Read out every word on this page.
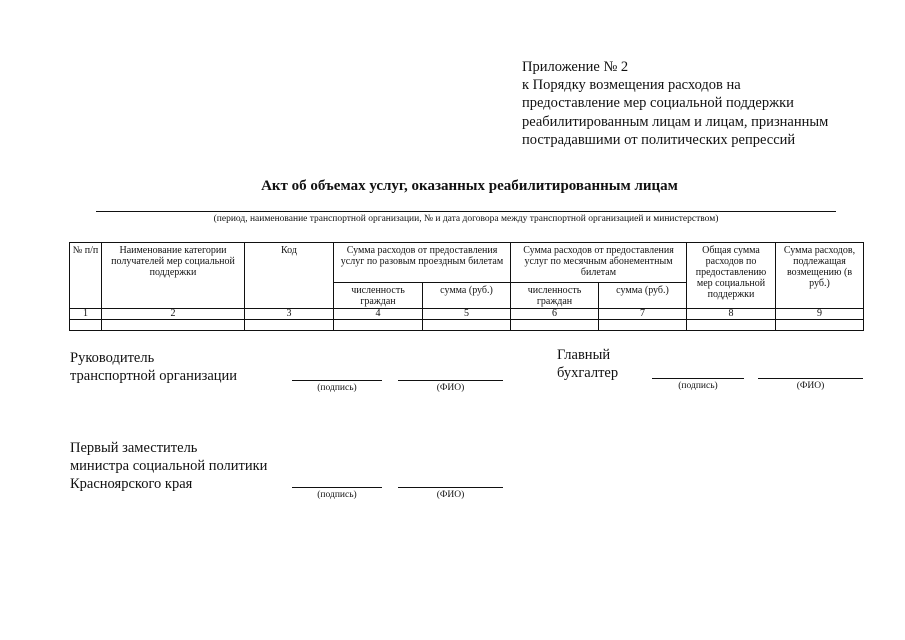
Приложение № 2
к Порядку возмещения расходов на
предоставление мер социальной поддержки
реабилитированным лицам и лицам, признанным
пострадавшими от политических репрессий
Акт об объемах услуг, оказанных реабилитированным лицам
(период, наименование транспортной организации, № и дата договора между транспортной организацией и министерством)
№ п/п	Наименование категории получателей мер социальной поддержки	Код	Сумма расходов от предоставления услуг по разовым проездным билетам		Сумма расходов от предоставления услуг по месячным абонементным билетам		Общая сумма расходов по предоставлению мер социальной поддержки	Сумма расходов, подлежащая возмещению (в руб.)
			численность граждан	сумма (руб.)	численность граждан	сумма (руб.)		
1	2	3	4	5	6	7	8	9

Руководитель
транспортной организации
(подпись)	(ФИО)
Главный
бухгалтер
(подпись)	(ФИО)
Первый заместитель
министра социальной политики
Красноярского края
(подпись)	(ФИО)
